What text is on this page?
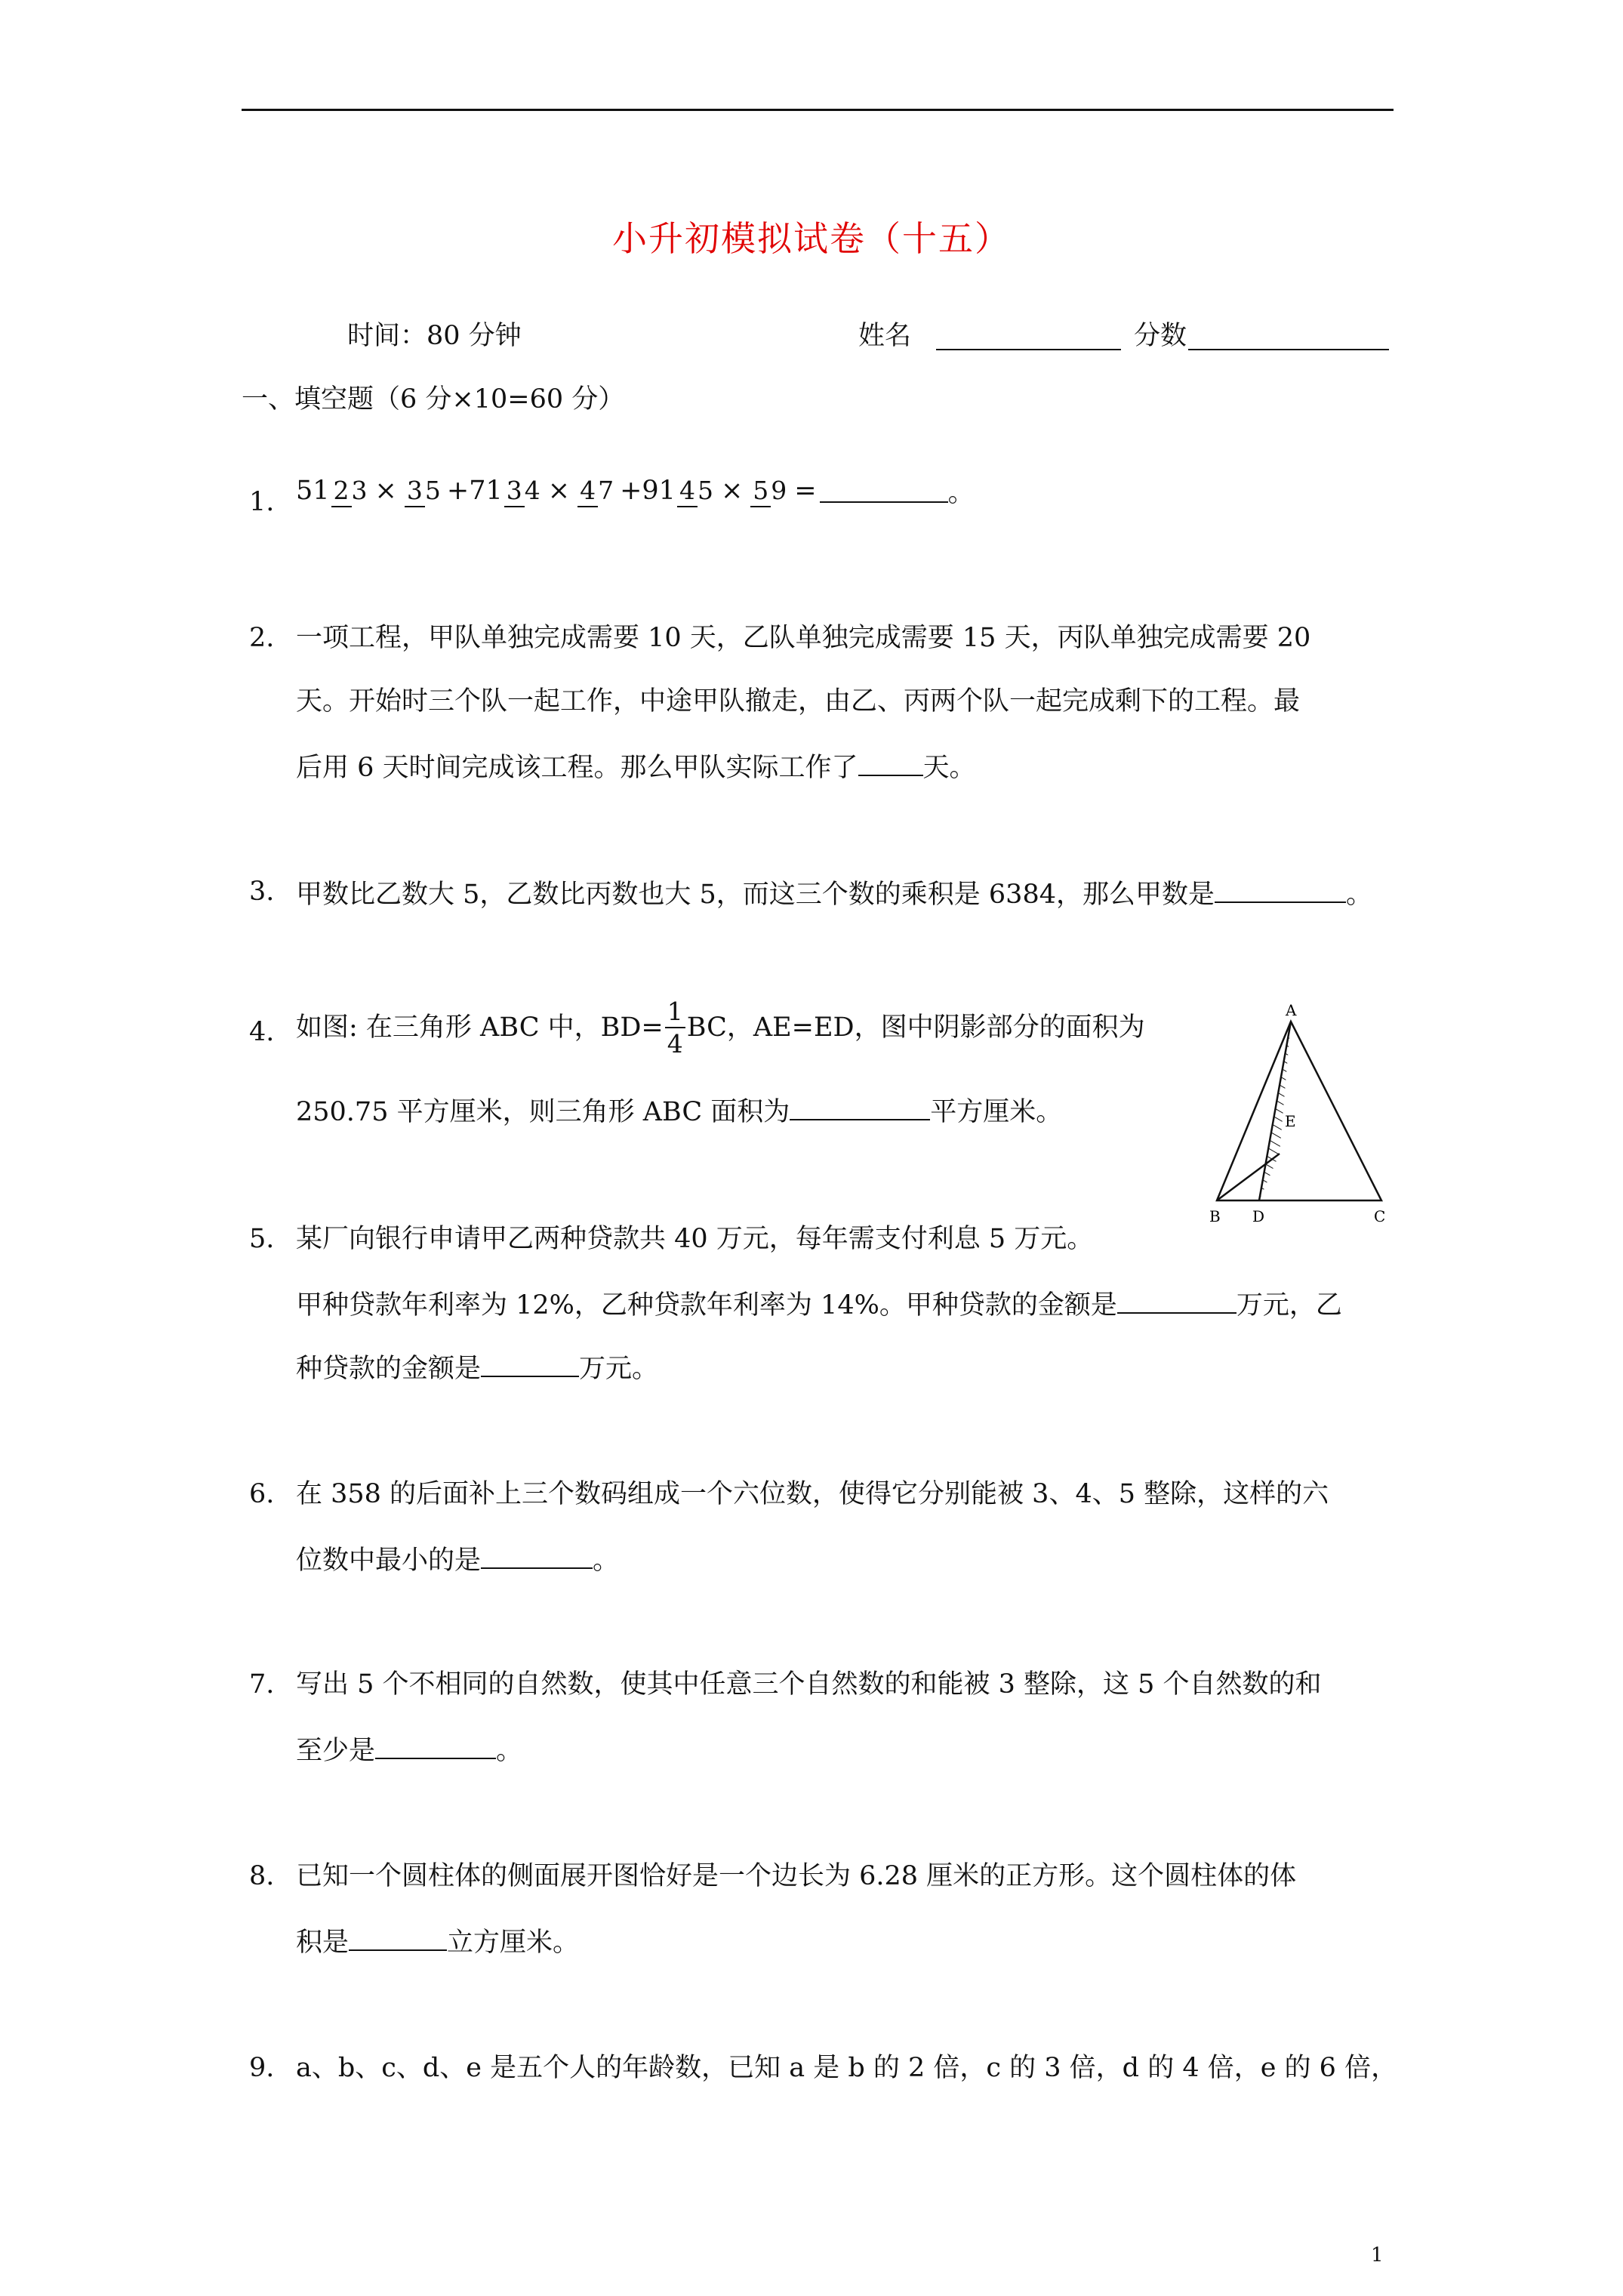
小升初模拟试卷（十五）
时间：80 分钟	姓名	分数
一、填空题（6 分×10=60 分）
1. 51 23 × 35 +71 34 × 47 +91 45 × 59 =	。
2. 一项工程，甲队单独完成需要 10 天，乙队单独完成需要 15 天，丙队单独完成需要 20
天。开始时三个队一起工作，中途甲队撤走，由乙、丙两个队一起完成剩下的工程。最
后用 6 天时间完成该工程。那么甲队实际工作了 天。
3. 甲数比乙数大 5，乙数比丙数也大 5，而这三个数的乘积是 6384，那么甲数是	。
4. 如图: 在三角形 ABC 中，$BD= \frac{1}{4}$ BC，AE=ED，图中阴影部分的面积为
250.75 平方厘米，则三角形 ABC 面积为	平方厘米。
A
B D	C
E
5. 某厂向银行申请甲乙两种贷款共 40 万元，每年需支付利息 5 万元。
甲种贷款年利率为 12%，乙种贷款年利率为 14%。甲种贷款的金额是	万元，乙
种贷款的金额是	万元。
6. 在 358 的后面补上三个数码组成一个六位数，使得它分别能被 3、4、5 整除，这样的六
位数中最小的是	。
7. 写出 5 个不相同的自然数，使其中任意三个自然数的和能被 3 整除，这 5 个自然数的和
至少是	。
8. 已知一个圆柱体的侧面展开图恰好是一个边长为 6.28 厘米的正方形。这个圆柱体的体
积是	立方厘米。
9. a、b、c、d、e 是五个人的年龄数，已知 a 是 b 的 2 倍，c 的 3 倍，d 的 4 倍，e 的 6 倍，
1
